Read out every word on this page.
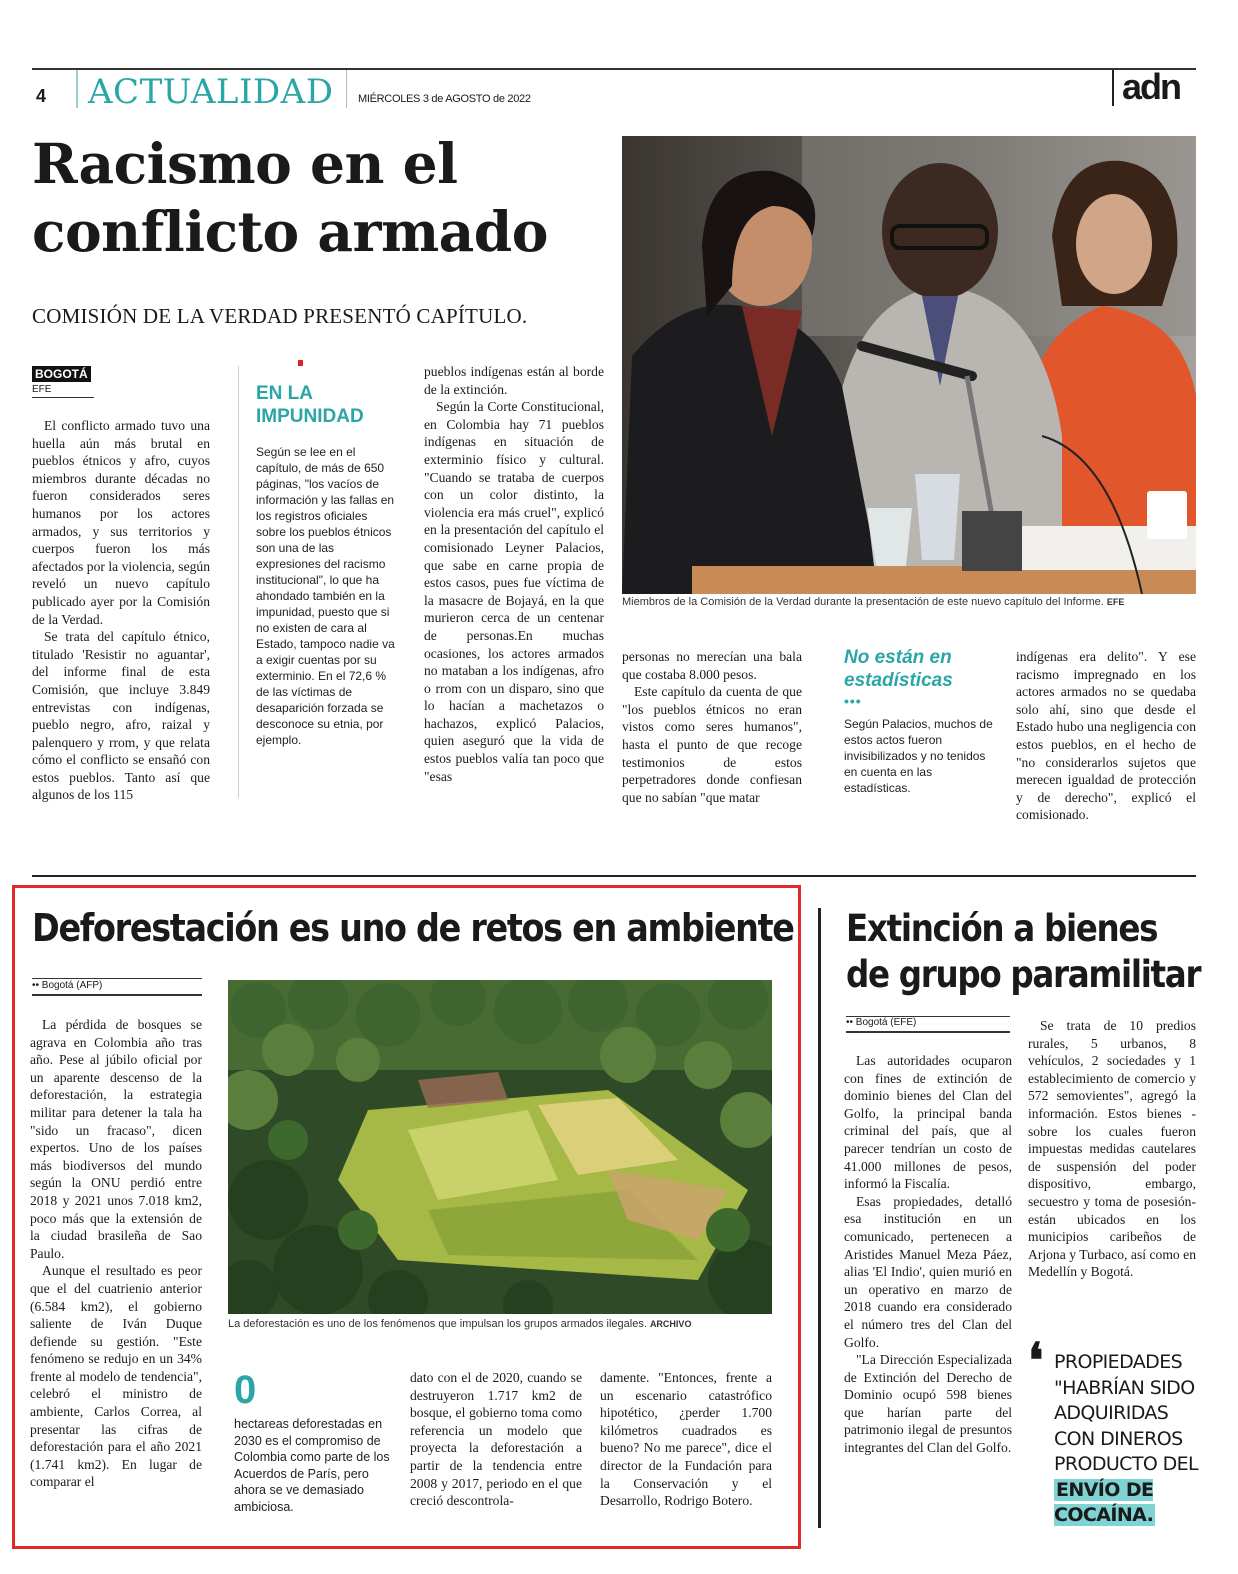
4 ACTUALIDAD MIÉRCOLES 3 de AGOSTO de 2022	adn
Racismo en el conflicto armado
COMISIÓN DE LA VERDAD PRESENTÓ CAPÍTULO.
Miembros de la Comisión de la Verdad durante la presentación de este nuevo capítulo del Informe. EFE
BOGOTÁ
EFE

El conflicto armado tuvo una huella aún más brutal en pueblos étnicos y afro, cuyos miembros durante décadas no fueron considerados seres humanos por los actores armados, y sus territorios y cuerpos fueron los más afectados por la violencia, según reveló un nuevo capítulo publicado ayer por la Comisión de la Verdad.

Se trata del capítulo étnico, titulado 'Resistir no aguantar', del informe final de esta Comisión, que incluye 3.849 entrevistas con indígenas, pueblo negro, afro, raizal y palenquero y rrom, y que relata cómo el conflicto se ensañó con estos pueblos. Tanto así que algunos de los 115

EN LA IMPUNIDAD
Según se lee en el capítulo, de más de 650 páginas, "los vacíos de información y las fallas en los registros oficiales sobre los pueblos étnicos son una de las expresiones del racismo institucional", lo que ha ahondado también en la impunidad, puesto que si no existen de cara al Estado, tampoco nadie va a exigir cuentas por su exterminio. En el 72,6 % de las víctimas de desaparición forzada se desconoce su etnia, por ejemplo.

pueblos indígenas están al borde de la extinción.

Según la Corte Constitucional, en Colombia hay 71 pueblos indígenas en situación de exterminio físico y cultural. "Cuando se trataba de cuerpos con un color distinto, la violencia era más cruel", explicó en la presentación del capítulo el comisionado Leyner Palacios, que sabe en carne propia de estos casos, pues fue víctima de la masacre de Bojayá, en la que murieron cerca de un centenar de personas.En muchas ocasiones, los actores armados no mataban a los indígenas, afro o rrom con un disparo, sino que lo hacían a machetazos o hachazos, explicó Palacios, quien aseguró que la vida de estos pueblos valía tan poco que "esas

personas no merecían una bala que costaba 8.000 pesos.

Este capítulo da cuenta de que "los pueblos étnicos no eran vistos como seres humanos", hasta el punto de que recoge testimonios de estos perpetradores donde confiesan que no sabían "que matar

No están en estadísticas
•••
Según Palacios, muchos de estos actos fueron invisibilizados y no tenidos en cuenta en las estadísticas.

indígenas era delito". Y ese racismo impregnado en los actores armados no se quedaba solo ahí, sino que desde el Estado hubo una negligencia con estos pueblos, en el hecho de "no considerarlos sujetos que merecen igualdad de protección y de derecho", explicó el comisionado.

Deforestación es uno de retos en ambiente
•• Bogotá (AFP)

La pérdida de bosques se agrava en Colombia año tras año. Pese al júbilo oficial por un aparente descenso de la deforestación, la estrategia militar para detener la tala ha "sido un fracaso", dicen expertos. Uno de los países más biodiversos del mundo según la ONU perdió entre 2018 y 2021 unos 7.018 km2, poco más que la extensión de la ciudad brasileña de Sao Paulo.

Aunque el resultado es peor que el del cuatrienio anterior (6.584 km2), el gobierno saliente de Iván Duque defiende su gestión. "Este fenómeno se redujo en un 34% frente al modelo de tendencia", celebró el ministro de ambiente, Carlos Correa, al presentar las cifras de deforestación para el año 2021 (1.741 km2). En lugar de comparar el

La deforestación es uno de los fenómenos que impulsan los grupos armados ilegales. ARCHIVO
0
hectareas deforestadas en 2030 es el compromiso de Colombia como parte de los Acuerdos de París, pero ahora se ve demasiado ambiciosa.

dato con el de 2020, cuando se destruyeron 1.717 km2 de bosque, el gobierno toma como referencia un modelo que proyecta la deforestación a partir de la tendencia entre 2008 y 2017, periodo en el que creció descontrola-

damente. "Entonces, frente a un escenario catastrófico hipotético, ¿perder 1.700 kilómetros cuadrados es bueno? No me parece", dice el director de la Fundación para la Conservación y el Desarrollo, Rodrigo Botero.

Extinción a bienes
de grupo paramilitar
•• Bogotá (EFE)

Las autoridades ocuparon con fines de extinción de dominio bienes del Clan del Golfo, la principal banda criminal del país, que al parecer tendrían un costo de 41.000 millones de pesos, informó la Fiscalía.

Esas propiedades, detalló esa institución en un comunicado, pertenecen a Aristides Manuel Meza Páez, alias 'El Indio', quien murió en un operativo en marzo de 2018 cuando era considerado el número tres del Clan del Golfo.

"La Dirección Especializada de Extinción del Derecho de Dominio ocupó 598 bienes que harían parte del patrimonio ilegal de presuntos integrantes del Clan del Golfo.

Se trata de 10 predios rurales, 5 urbanos, 8 vehículos, 2 sociedades y 1 establecimiento de comercio y 572 semovientes", agregó la información. Estos bienes -sobre los cuales fueron impuestas medidas cautelares de suspensión del poder dispositivo, embargo, secuestro y toma de posesión- están ubicados en los municipios caribeños de Arjona y Turbaco, así como en Medellín y Bogotá.

❛ PROPIEDADES "HABRÍAN SIDO ADQUIRIDAS CON DINEROS PRODUCTO DEL ENVÍO DE COCAÍNA.
